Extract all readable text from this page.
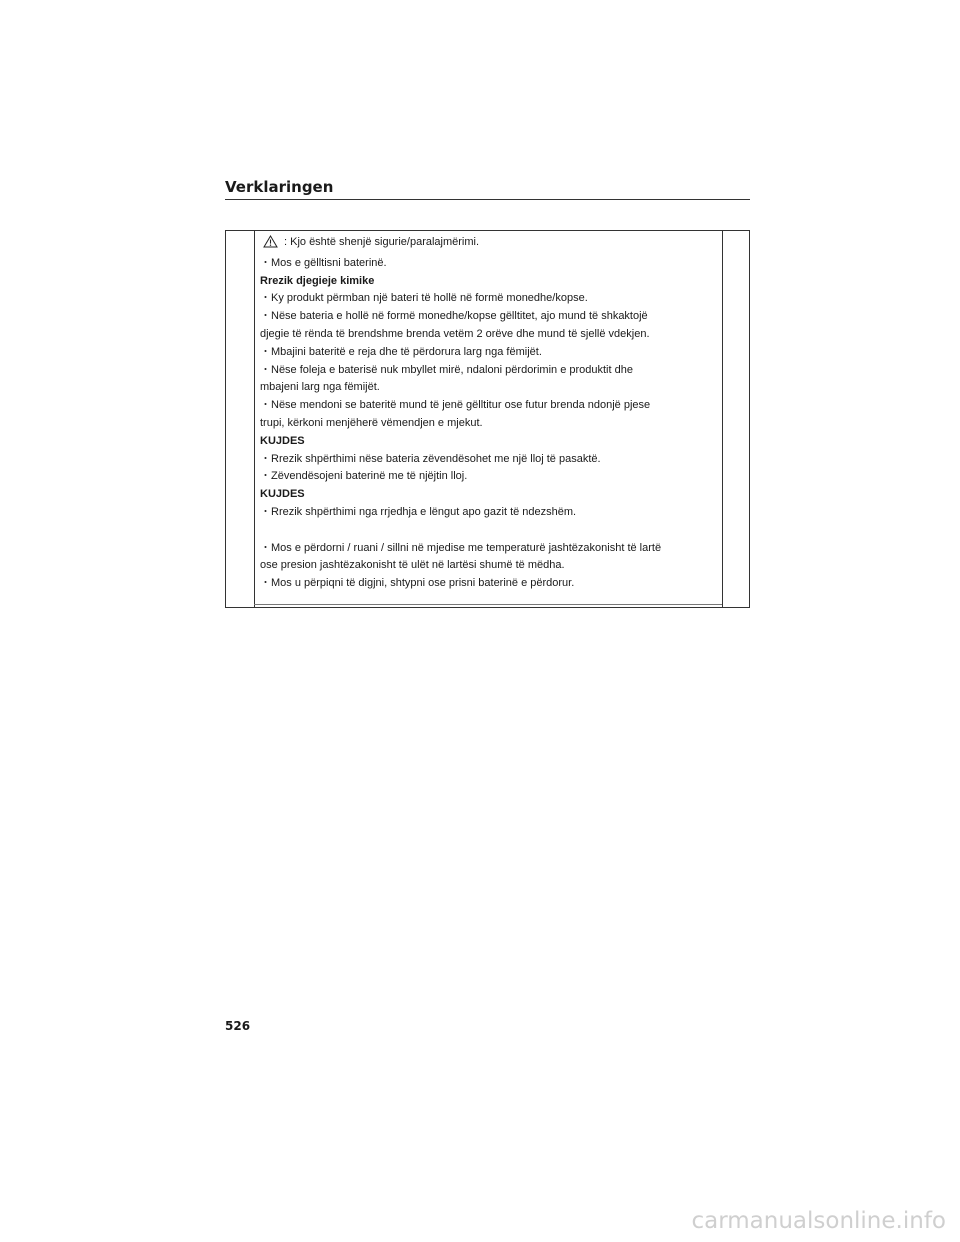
Verklaringen
: Kjo është shenjë sigurie/paralajmërimi.
・Mos e gëlltisni baterinë.
Rrezik djegieje kimike
・Ky produkt përmban një bateri të hollë në formë monedhe/kopse.
・Nëse bateria e hollë në formë monedhe/kopse gëlltitet, ajo mund të shkaktojë
djegie të rënda të brendshme brenda vetëm 2 orëve dhe mund të sjellë vdekjen.
・Mbajini bateritë e reja dhe të përdorura larg nga fëmijët.
・Nëse foleja e baterisë nuk mbyllet mirë, ndaloni përdorimin e produktit dhe
mbajeni larg nga fëmijët.
・Nëse mendoni se bateritë mund të jenë gëlltitur ose futur brenda ndonjë pjese
trupi, kërkoni menjëherë vëmendjen e mjekut.
KUJDES
・Rrezik shpërthimi nëse bateria zëvendësohet me një lloj të pasaktë.
・Zëvendësojeni baterinë me të njëjtin lloj.
KUJDES
・Rrezik shpërthimi nga rrjedhja e lëngut apo gazit të ndezshëm.
・Mos e përdorni / ruani / sillni në mjedise me temperaturë jashtëzakonisht të lartë
ose presion jashtëzakonisht të ulët në lartësi shumë të mëdha.
・Mos u përpiqni të digjni, shtypni ose prisni baterinë e përdorur.
526
carmanualsonline.info
